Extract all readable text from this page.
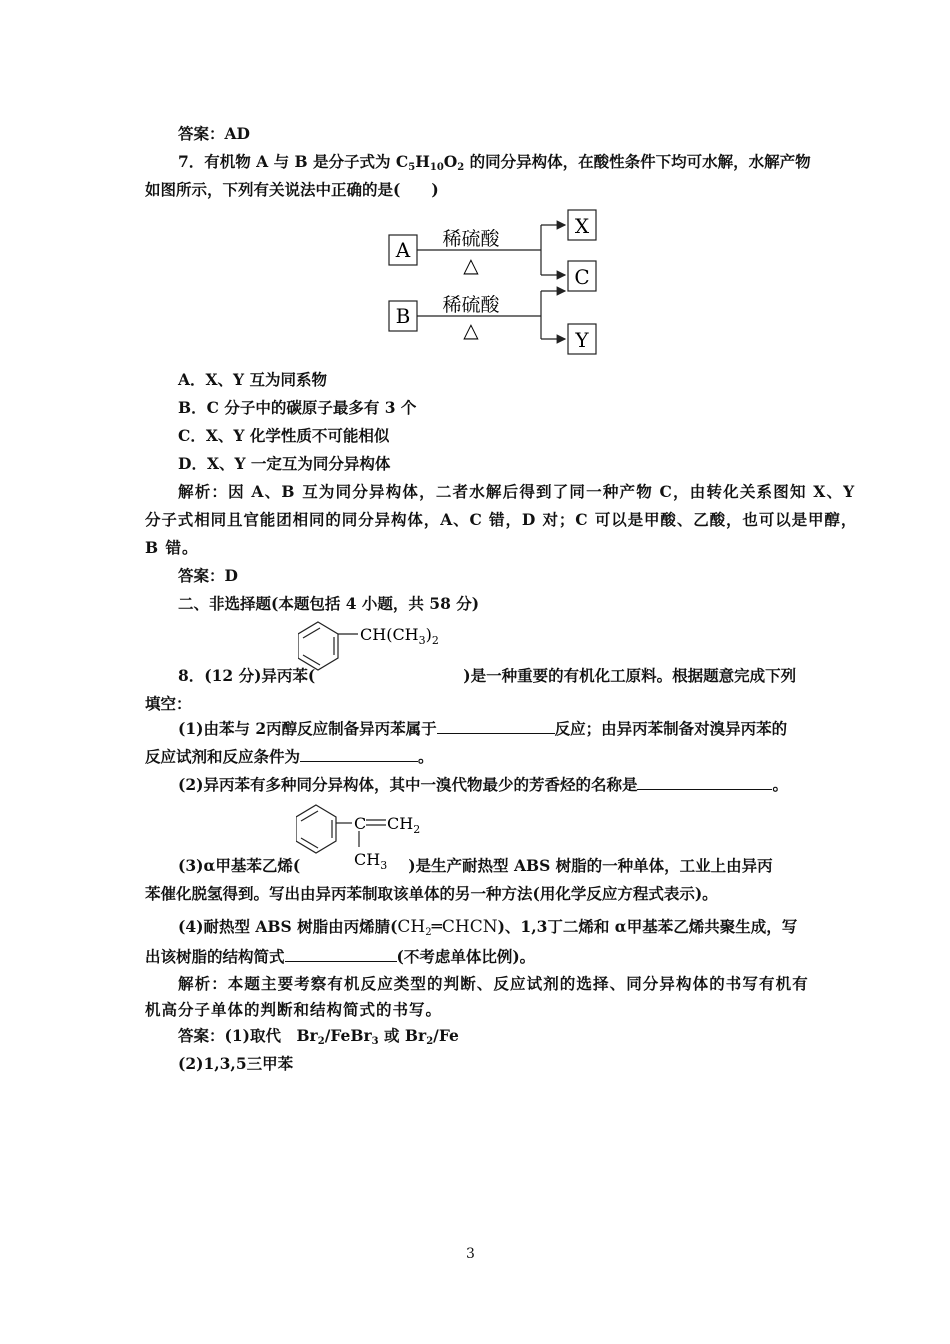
答案：AD
7．有机物 A 与 B 是分子式为 $C_5H_{10}O_2$ 的同分异构体，在酸性条件下均可水解，水解产物
如图所示，下列有关说法中正确的是(　　)
A
B
X
C
Y
稀硫酸
△
稀硫酸
△
A．X、Y 互为同系物
B．C 分子中的碳原子最多有 3 个
C．X、Y 化学性质不可能相似
D．X、Y 一定互为同分异构体
解析：因 A、B 互为同分异构体，二者水解后得到了同一种产物 C，由转化关系图知 X、Y
分子式相同且官能团相同的同分异构体，A、C 错，D 对；C 可以是甲酸、乙酸，也可以是甲醇，
B 错。
答案：D
二、非选择题(本题包括 4 小题，共 58 分)
$CH(CH_3)_2$
8．(12 分)异丙苯(	)是一种重要的有机化工原料。根据题意完成下列
填空：
(1)由苯与 2丙醇反应制备异丙苯属于	反应；由异丙苯制备对溴异丙苯的
反应试剂和反应条件为	。
(2)异丙苯有多种同分异构体，其中一溴代物最少的芳香烃的名称是	。
C $CH_2$
$CH_3$
(3)α甲基苯乙烯(	)是生产耐热型 ABS 树脂的一种单体，工业上由异丙
苯催化脱氢得到。写出由异丙苯制取该单体的另一种方法(用化学反应方程式表示)。
(4)耐热型 ABS 树脂由丙烯腈$(CH_2═CHCN)$、1,3丁二烯和 α甲基苯乙烯共聚生成，写
出该树脂的结构简式	(不考虑单体比例)。
解析：本题主要考察有机反应类型的判断、反应试剂的选择、同分异构体的书写有机有
机高分子单体的判断和结构简式的书写。
答案：(1)取代　$Br_2/FeBr_3$ 或 $Br_2/Fe$
(2)1,3,5三甲苯
3
